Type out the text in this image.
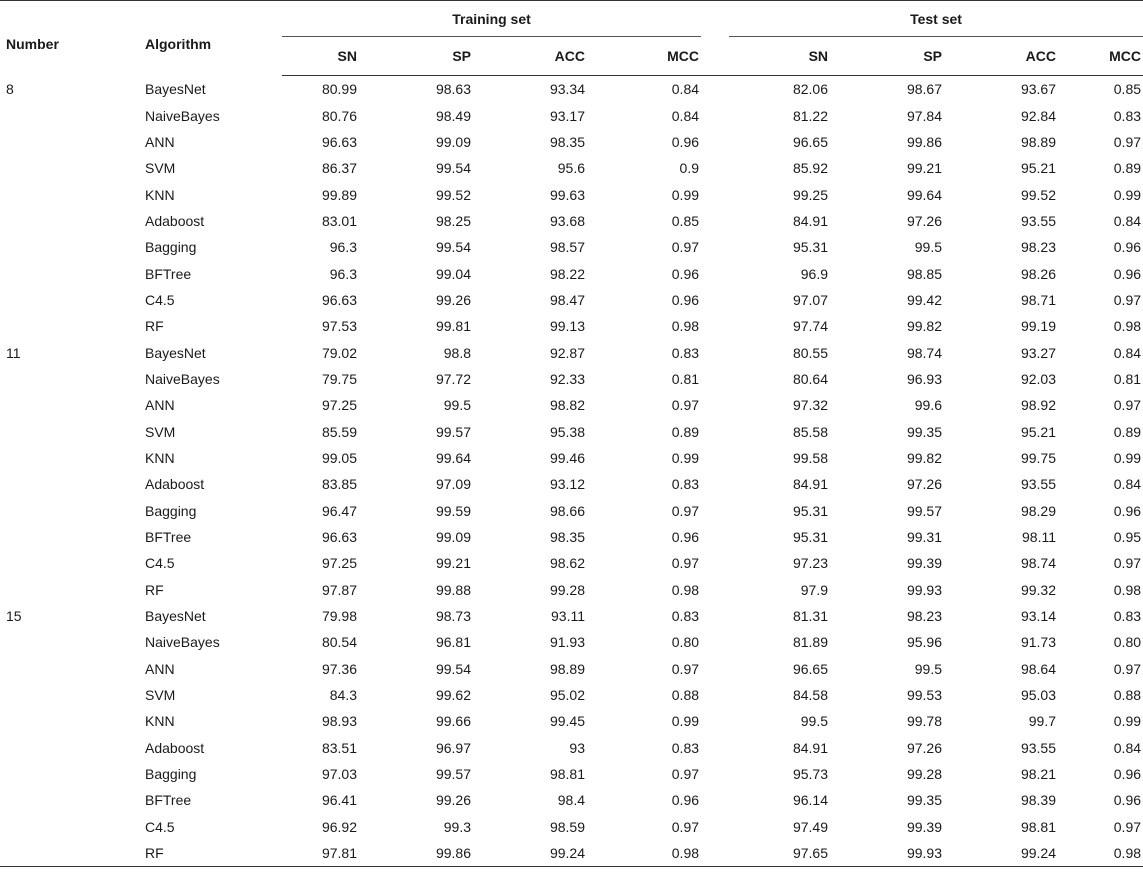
Number	Algorithm	Training set					Test set			
		SN	SP	ACC	MCC		SN	SP	ACC	MCC
8	BayesNet	80.99	98.63	93.34	0.84		82.06	98.67	93.67	0.85
	NaiveBayes	80.76	98.49	93.17	0.84		81.22	97.84	92.84	0.83
	ANN	96.63	99.09	98.35	0.96		96.65	99.86	98.89	0.97
	SVM	86.37	99.54	95.6	0.9		85.92	99.21	95.21	0.89
	KNN	99.89	99.52	99.63	0.99		99.25	99.64	99.52	0.99
	Adaboost	83.01	98.25	93.68	0.85		84.91	97.26	93.55	0.84
	Bagging	96.3	99.54	98.57	0.97		95.31	99.5	98.23	0.96
	BFTree	96.3	99.04	98.22	0.96		96.9	98.85	98.26	0.96
	C4.5	96.63	99.26	98.47	0.96		97.07	99.42	98.71	0.97
	RF	97.53	99.81	99.13	0.98		97.74	99.82	99.19	0.98
11	BayesNet	79.02	98.8	92.87	0.83		80.55	98.74	93.27	0.84
	NaiveBayes	79.75	97.72	92.33	0.81		80.64	96.93	92.03	0.81
	ANN	97.25	99.5	98.82	0.97		97.32	99.6	98.92	0.97
	SVM	85.59	99.57	95.38	0.89		85.58	99.35	95.21	0.89
	KNN	99.05	99.64	99.46	0.99		99.58	99.82	99.75	0.99
	Adaboost	83.85	97.09	93.12	0.83		84.91	97.26	93.55	0.84
	Bagging	96.47	99.59	98.66	0.97		95.31	99.57	98.29	0.96
	BFTree	96.63	99.09	98.35	0.96		95.31	99.31	98.11	0.95
	C4.5	97.25	99.21	98.62	0.97		97.23	99.39	98.74	0.97
	RF	97.87	99.88	99.28	0.98		97.9	99.93	99.32	0.98
15	BayesNet	79.98	98.73	93.11	0.83		81.31	98.23	93.14	0.83
	NaiveBayes	80.54	96.81	91.93	0.80		81.89	95.96	91.73	0.80
	ANN	97.36	99.54	98.89	0.97		96.65	99.5	98.64	0.97
	SVM	84.3	99.62	95.02	0.88		84.58	99.53	95.03	0.88
	KNN	98.93	99.66	99.45	0.99		99.5	99.78	99.7	0.99
	Adaboost	83.51	96.97	93	0.83		84.91	97.26	93.55	0.84
	Bagging	97.03	99.57	98.81	0.97		95.73	99.28	98.21	0.96
	BFTree	96.41	99.26	98.4	0.96		96.14	99.35	98.39	0.96
	C4.5	96.92	99.3	98.59	0.97		97.49	99.39	98.81	0.97
	RF	97.81	99.86	99.24	0.98		97.65	99.93	99.24	0.98
